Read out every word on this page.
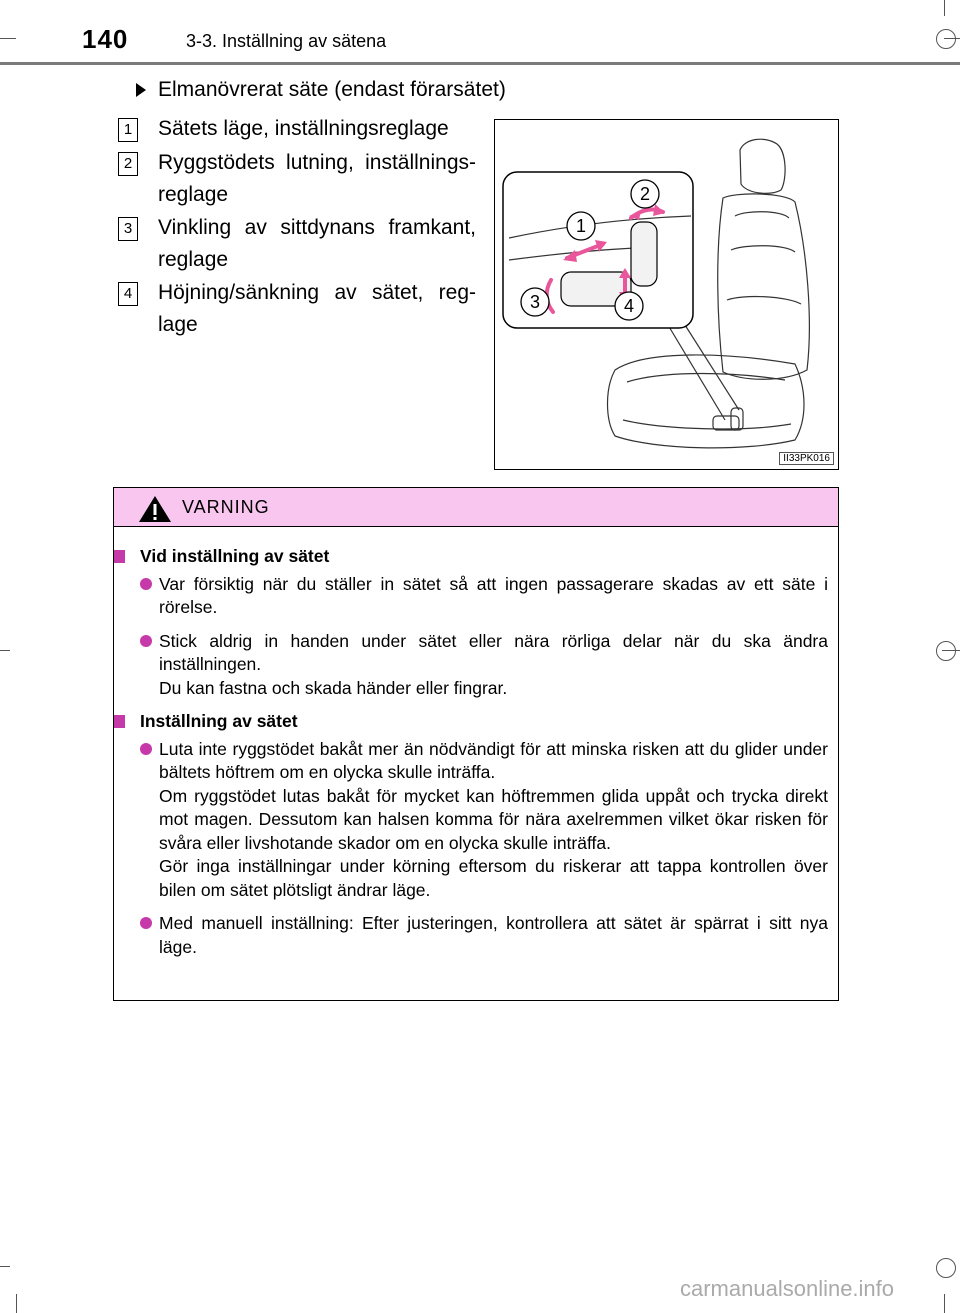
140	3-3. Inställning av sätena
Elmanövrerat säte (endast förarsätet)
1 Sätets läge, inställningsreglage
2 Ryggstödets lutning, inställnings-reglage
3 Vinkling av sittdynans framkant, reglage
4 Höjning/sänkning av sätet, reg-lage
2
1
3	4
II33PK016
VARNING
Vid inställning av sätet
Var försiktig när du ställer in sätet så att ingen passagerare skadas av ett säte i rörelse.
Stick aldrig in handen under sätet eller nära rörliga delar när du ska ändra inställningen.
Du kan fastna och skada händer eller fingrar.
Inställning av sätet
Luta inte ryggstödet bakåt mer än nödvändigt för att minska risken att du glider under bältets höftrem om en olycka skulle inträffa.
Om ryggstödet lutas bakåt för mycket kan höftremmen glida uppåt och trycka direkt mot magen. Dessutom kan halsen komma för nära axelremmen vilket ökar risken för svåra eller livshotande skador om en olycka skulle inträffa.
Gör inga inställningar under körning eftersom du riskerar att tappa kontrollen över bilen om sätet plötsligt ändrar läge.
Med manuell inställning: Efter justeringen, kontrollera att sätet är spärrat i sitt nya läge.
carmanualsonline.info
